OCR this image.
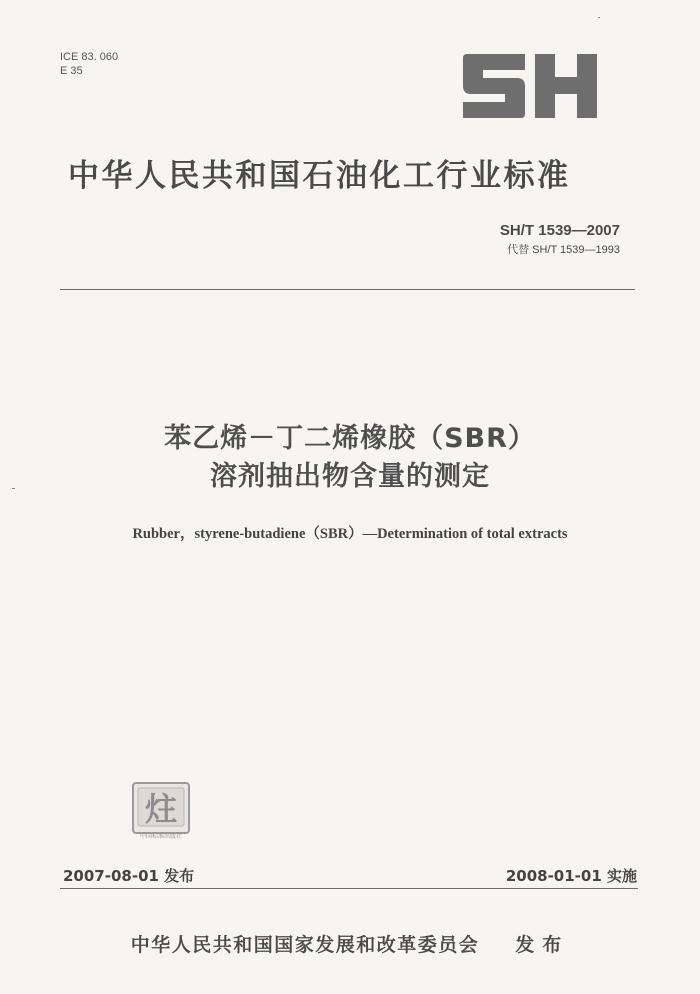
ICE 83. 060
E 35
中华人民共和国石油化工行业标准
SH/T 1539—2007
代替 SH/T 1539—1993
苯乙烯－丁二烯橡胶（SBR）
溶剂抽出物含量的测定
Rubber，styrene-butadiene（SBR）—Determination of total extracts
炷
中国标准出版社
2007-08-01 发布	2008-01-01 实施
中华人民共和国国家发展和改革委员会 发布
